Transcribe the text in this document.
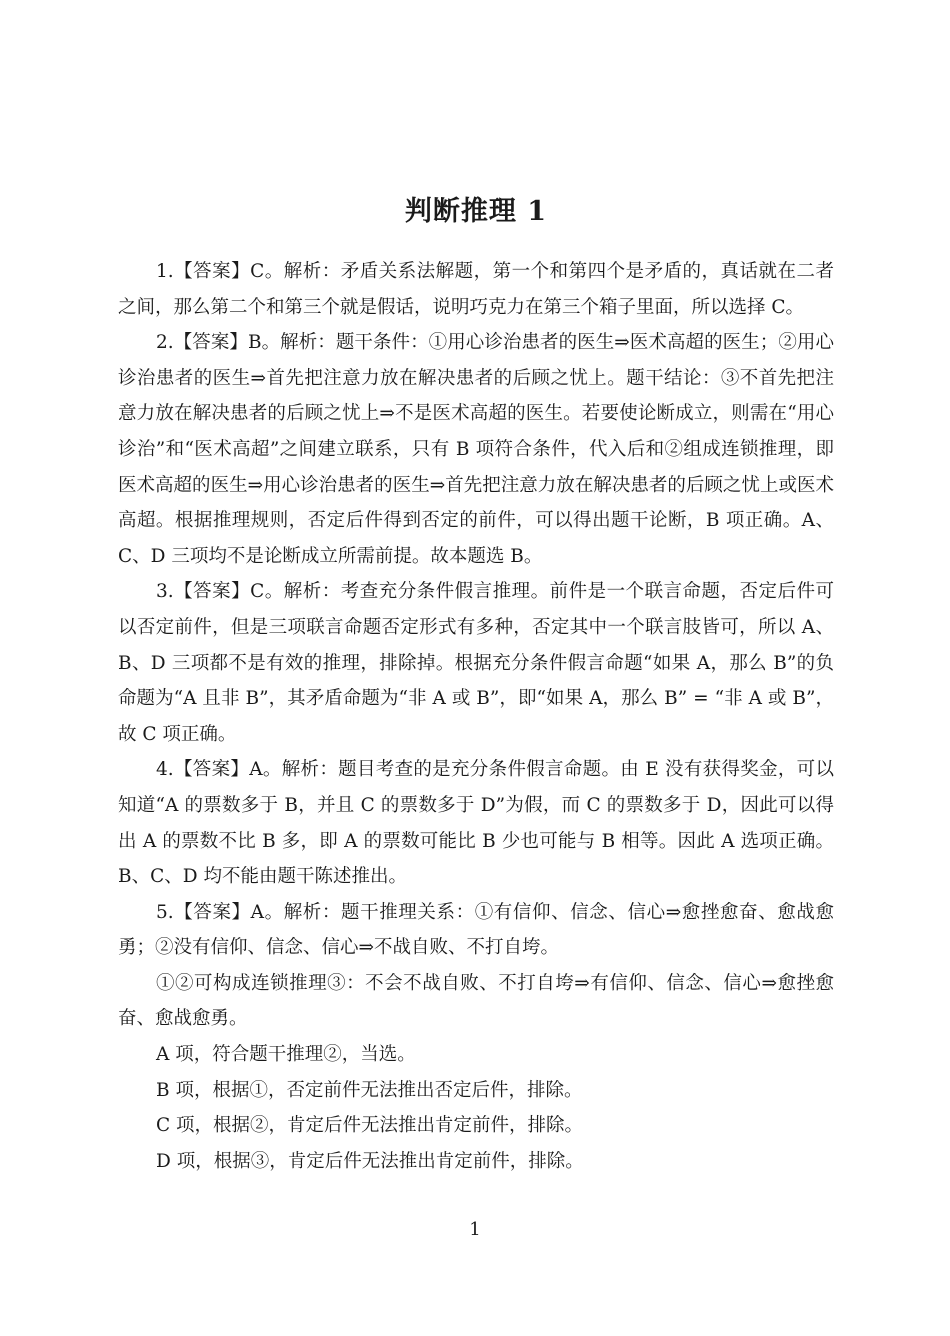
判断推理 1

1.【答案】C。解析：矛盾关系法解题，第一个和第四个是矛盾的，真话就在二者之间，那么第二个和第三个就是假话，说明巧克力在第三个箱子里面，所以选择 C。

2.【答案】B。解析：题干条件：①用心诊治患者的医生⇒医术高超的医生；②用心诊治患者的医生⇒首先把注意力放在解决患者的后顾之忧上。题干结论：③不首先把注意力放在解决患者的后顾之忧上⇒不是医术高超的医生。若要使论断成立，则需在“用心诊治”和“医术高超”之间建立联系，只有 B 项符合条件，代入后和②组成连锁推理，即医术高超的医生⇒用心诊治患者的医生⇒首先把注意力放在解决患者的后顾之忧上或医术高超。根据推理规则，否定后件得到否定的前件，可以得出题干论断，B 项正确。A、C、D 三项均不是论断成立所需前提。故本题选 B。

3.【答案】C。解析：考查充分条件假言推理。前件是一个联言命题，否定后件可以否定前件，但是三项联言命题否定形式有多种，否定其中一个联言肢皆可，所以 A、B、D 三项都不是有效的推理，排除掉。根据充分条件假言命题“如果 A，那么 B”的负命题为“A 且非 B”，其矛盾命题为“非 A 或 B”，即“如果 A，那么 B” = “非 A 或 B”，故 C 项正确。

4.【答案】A。解析：题目考查的是充分条件假言命题。由 E 没有获得奖金，可以知道“A 的票数多于 B，并且 C 的票数多于 D”为假，而 C 的票数多于 D，因此可以得出 A 的票数不比 B 多，即 A 的票数可能比 B 少也可能与 B 相等。因此 A 选项正确。B、C、D 均不能由题干陈述推出。

5.【答案】A。解析：题干推理关系：①有信仰、信念、信心⇒愈挫愈奋、愈战愈勇；②没有信仰、信念、信心⇒不战自败、不打自垮。

①②可构成连锁推理③：不会不战自败、不打自垮⇒有信仰、信念、信心⇒愈挫愈奋、愈战愈勇。

A 项，符合题干推理②，当选。

B 项，根据①，否定前件无法推出否定后件，排除。

C 项，根据②，肯定后件无法推出肯定前件，排除。

D 项，根据③，肯定后件无法推出肯定前件，排除。

1
